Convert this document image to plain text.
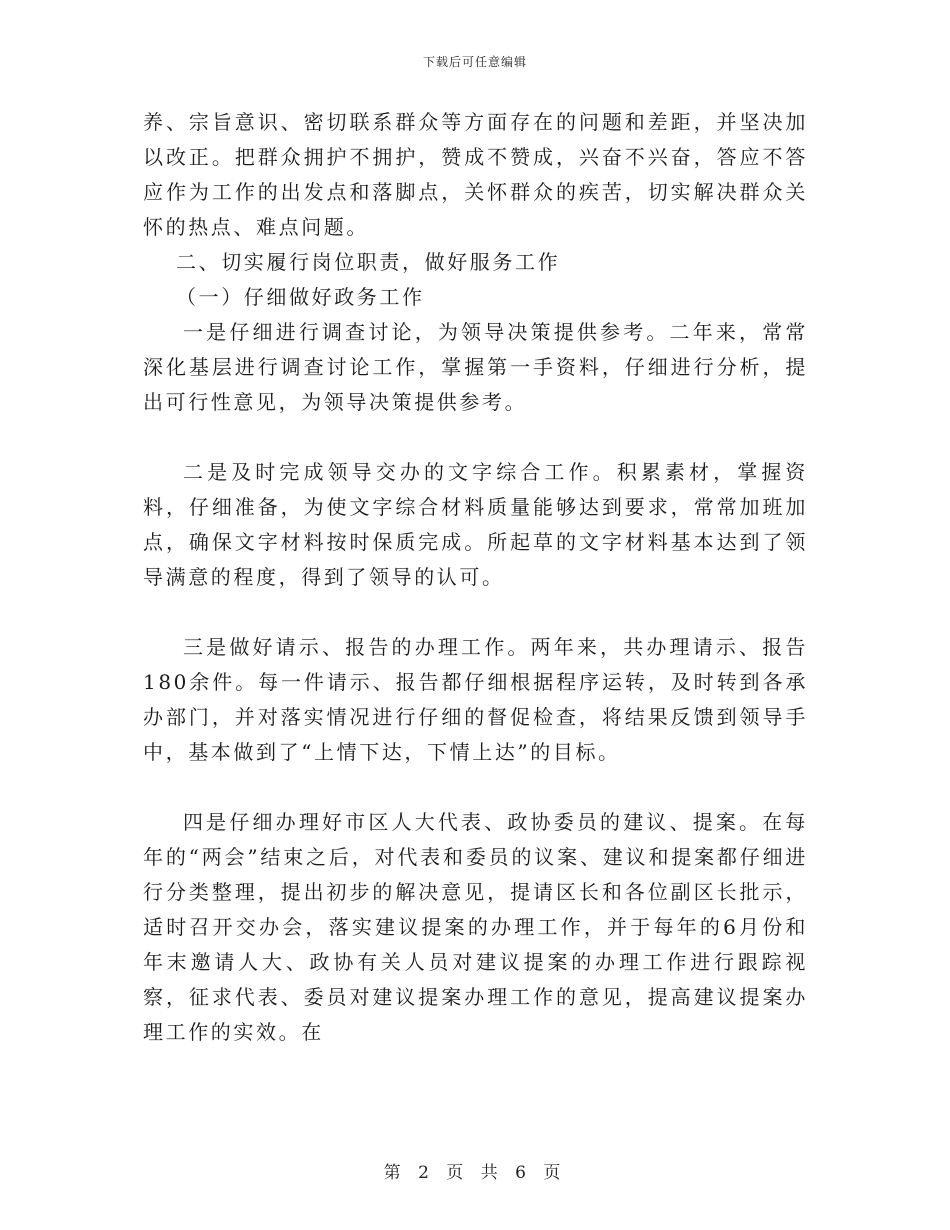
下载后可任意编辑

养、宗旨意识、密切联系群众等方面存在的问题和差距，并坚决加以改正。把群众拥护不拥护，赞成不赞成，兴奋不兴奋，答应不答应作为工作的出发点和落脚点，关怀群众的疾苦，切实解决群众关怀的热点、难点问题。

二、切实履行岗位职责，做好服务工作

（一）仔细做好政务工作

一是仔细进行调查讨论，为领导决策提供参考。二年来，常常深化基层进行调查讨论工作，掌握第一手资料，仔细进行分析，提出可行性意见，为领导决策提供参考。

二是及时完成领导交办的文字综合工作。积累素材，掌握资料，仔细准备，为使文字综合材料质量能够达到要求，常常加班加点，确保文字材料按时保质完成。所起草的文字材料基本达到了领导满意的程度，得到了领导的认可。

三是做好请示、报告的办理工作。两年来，共办理请示、报告180余件。每一件请示、报告都仔细根据程序运转，及时转到各承办部门，并对落实情况进行仔细的督促检查，将结果反馈到领导手中，基本做到了“上情下达，下情上达”的目标。

四是仔细办理好市区人大代表、政协委员的建议、提案。在每年的“两会”结束之后，对代表和委员的议案、建议和提案都仔细进行分类整理，提出初步的解决意见，提请区长和各位副区长批示，适时召开交办会，落实建议提案的办理工作，并于每年的6月份和年末邀请人大、政协有关人员对建议提案的办理工作进行跟踪视察，征求代表、委员对建议提案办理工作的意见，提高建议提案办理工作的实效。在

第 2 页 共 6 页
